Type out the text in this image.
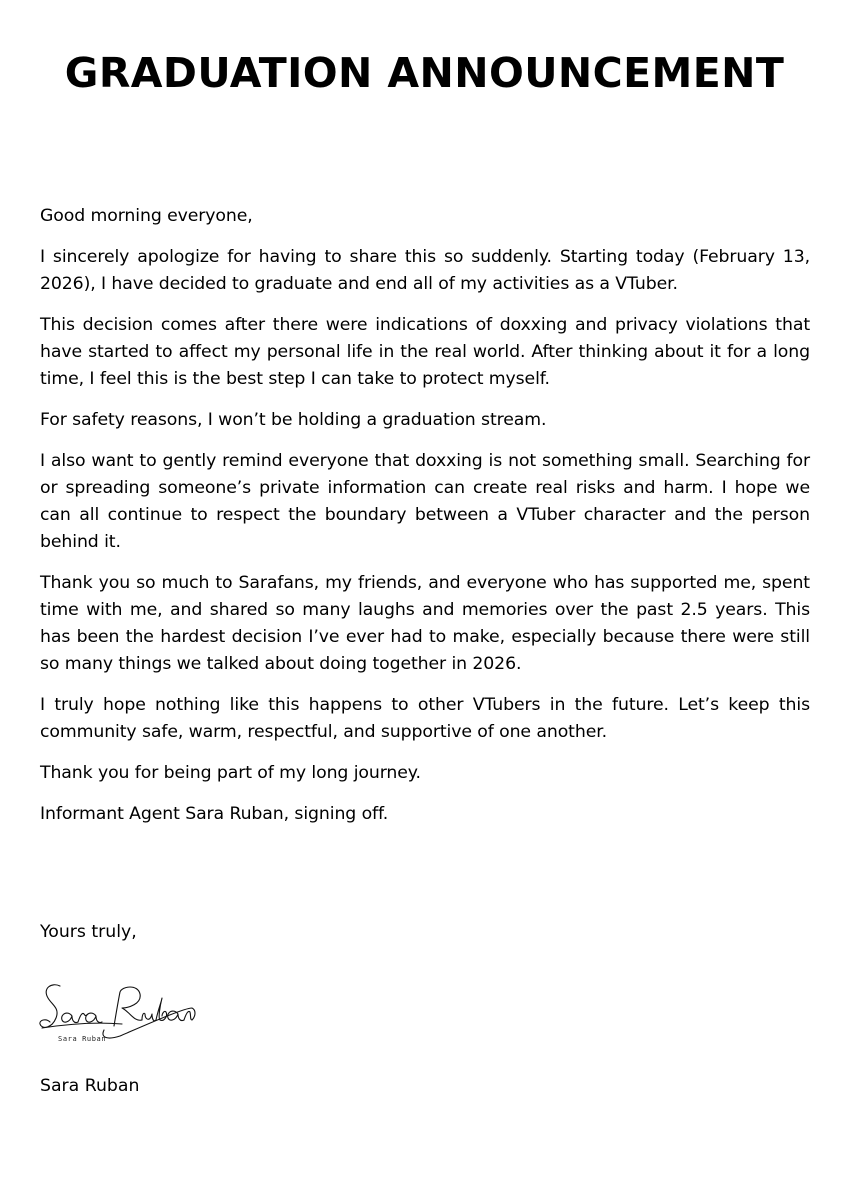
GRADUATION ANNOUNCEMENT

Good morning everyone,

I sincerely apologize for having to share this so suddenly. Starting today (February 13, 2026), I have decided to graduate and end all of my activities as a VTuber.

This decision comes after there were indications of doxxing and privacy violations that have started to affect my personal life in the real world. After thinking about it for a long time, I feel this is the best step I can take to protect myself.

For safety reasons, I won’t be holding a graduation stream.

I also want to gently remind everyone that doxxing is not something small. Searching for or spreading someone’s private information can create real risks and harm. I hope we can all continue to respect the boundary between a VTuber character and the person behind it.

Thank you so much to Sarafans, my friends, and everyone who has supported me, spent time with me, and shared so many laughs and memories over the past 2.5 years. This has been the hardest decision I’ve ever had to make, especially because there were still so many things we talked about doing together in 2026.

I truly hope nothing like this happens to other VTubers in the future. Let’s keep this community safe, warm, respectful, and supportive of one another.

Thank you for being part of my long journey.

Informant Agent Sara Ruban, signing off.

Yours truly,

Sara Ruban

Sara Ruban
